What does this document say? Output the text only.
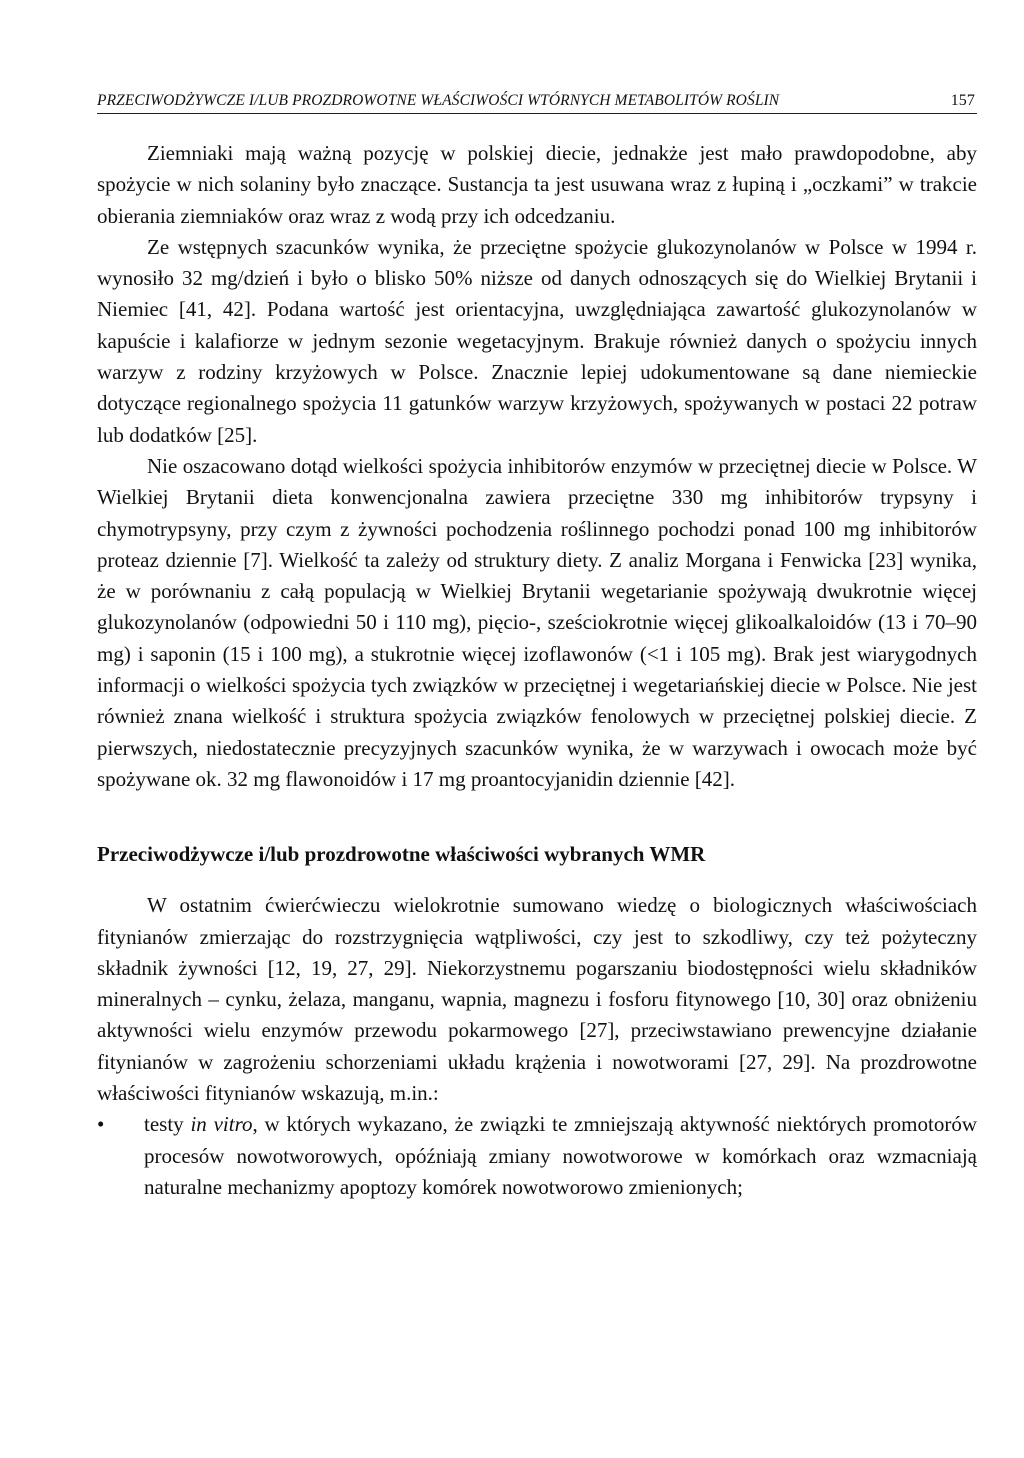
PRZECIWODŻYWCZE I/LUB PROZDROWOTNE WŁAŚCIWOŚCI WTÓRNYCH METABOLITÓW ROŚLIN	157

Ziemniaki mają ważną pozycję w polskiej diecie, jednakże jest mało prawdopodobne, aby spożycie w nich solaniny było znaczące. Sustancja ta jest usuwana wraz z łupiną i „oczkami” w trakcie obierania ziemniaków oraz wraz z wodą przy ich odcedzaniu.

Ze wstępnych szacunków wynika, że przeciętne spożycie glukozynolanów w Polsce w 1994 r. wynosiło 32 mg/dzień i było o blisko 50% niższe od danych odnoszących się do Wielkiej Brytanii i Niemiec [41, 42]. Podana wartość jest orientacyjna, uwzględniająca zawartość glukozynolanów w kapuście i kalafiorze w jednym sezonie wegetacyjnym. Brakuje również danych o spożyciu innych warzyw z rodziny krzyżowych w Polsce. Znacznie lepiej udokumentowane są dane niemieckie dotyczące regionalnego spożycia 11 gatunków warzyw krzyżowych, spożywanych w postaci 22 potraw lub dodatków [25].

Nie oszacowano dotąd wielkości spożycia inhibitorów enzymów w przeciętnej diecie w Polsce. W Wielkiej Brytanii dieta konwencjonalna zawiera przeciętne 330 mg inhibitorów trypsyny i chymotrypsyny, przy czym z żywności pochodzenia roślinnego pochodzi ponad 100 mg inhibitorów proteaz dziennie [7]. Wielkość ta zależy od struktury diety. Z analiz Morgana i Fenwicka [23] wynika, że w porównaniu z całą populacją w Wielkiej Brytanii wegetarianie spożywają dwukrotnie więcej glukozynolanów (odpowiedni 50 i 110 mg), pięcio-, sześciokrotnie więcej glikoalkaloidów (13 i 70–90 mg) i saponin (15 i 100 mg), a stukrotnie więcej izoflawonów (<1 i 105 mg). Brak jest wiarygodnych informacji o wielkości spożycia tych związków w przeciętnej i wegetariańskiej diecie w Polsce. Nie jest również znana wielkość i struktura spożycia związków fenolowych w przeciętnej polskiej diecie. Z pierwszych, niedostatecznie precyzyjnych szacunków wynika, że w warzywach i owocach może być spożywane ok. 32 mg flawonoidów i 17 mg proantocyjanidin dziennie [42].

Przeciwodżywcze i/lub prozdrowotne właściwości wybranych WMR

W ostatnim ćwierćwieczu wielokrotnie sumowano wiedzę o biologicznych właściwościach fitynianów zmierzając do rozstrzygnięcia wątpliwości, czy jest to szkodliwy, czy też pożyteczny składnik żywności [12, 19, 27, 29]. Niekorzystnemu pogarszaniu biodostępności wielu składników mineralnych – cynku, żelaza, manganu, wapnia, magnezu i fosforu fitynowego [10, 30] oraz obniżeniu aktywności wielu enzymów przewodu pokarmowego [27], przeciwstawiano prewencyjne działanie fitynianów w zagrożeniu schorzeniami układu krążenia i nowotworami [27, 29]. Na prozdrowotne właściwości fitynianów wskazują, m.in.:

• testy in vitro, w których wykazano, że związki te zmniejszają aktywność niektórych promotorów procesów nowotworowych, opóźniają zmiany nowotworowe w komórkach oraz wzmacniają naturalne mechanizmy apoptozy komórek nowotworowo zmienionych;
